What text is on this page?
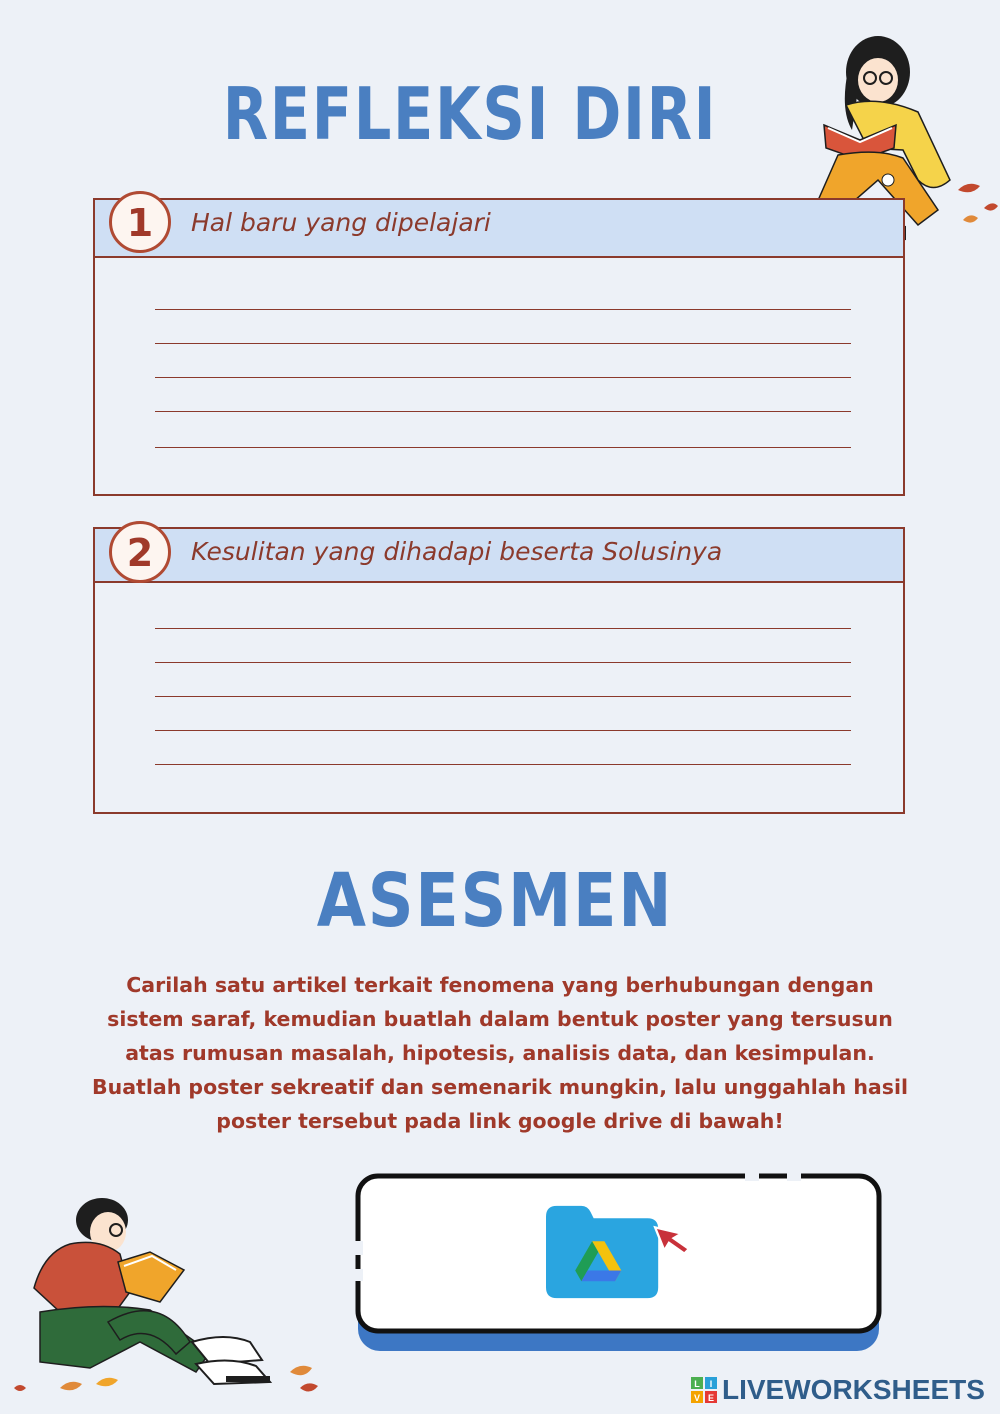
REFLEKSI DIRI
1	Hal baru yang dipelajari
2	Kesulitan yang dihadapi beserta Solusinya
ASESMEN
Carilah satu artikel terkait fenomena yang berhubungan dengan
sistem saraf, kemudian buatlah dalam bentuk poster yang tersusun
atas rumusan masalah, hipotesis, analisis data, dan kesimpulan.
Buatlah poster sekreatif dan semenarik mungkin, lalu unggahlah hasil
poster tersebut pada link google drive di bawah!
L I
V E LIVEWORKSHEETS
